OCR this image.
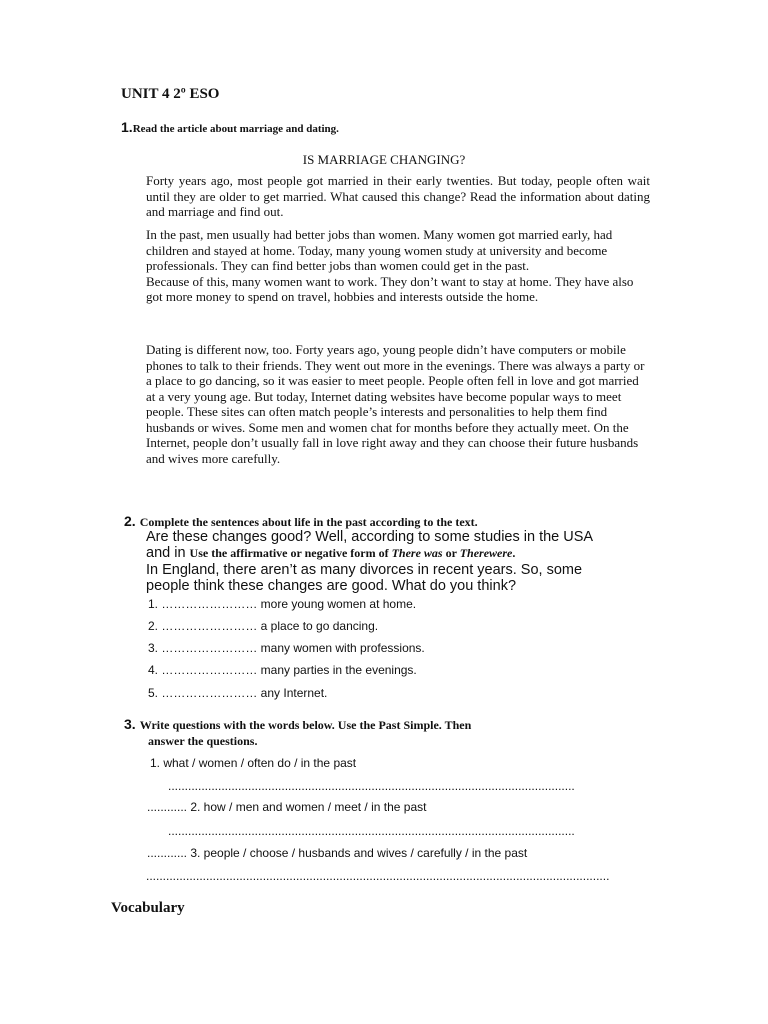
UNIT 4 2º ESO
1.Read the article about marriage and dating.
IS MARRIAGE CHANGING?

Forty years ago, most people got married in their early twenties. But today, people often wait until they are older to get married. What caused this change? Read the information about dating and marriage and find out.

In the past, men usually had better jobs than women. Many women got married early, had children and stayed at home. Today, many young women study at university and become professionals. They can find better jobs than women could get in the past.
Because of this, many women want to work. They don’t want to stay at home. They have also got more money to spend on travel, hobbies and interests outside the home.

Dating is different now, too. Forty years ago, young people didn’t have computers or mobile phones to talk to their friends. They went out more in the evenings. There was always a party or a place to go dancing, so it was easier to meet people. People often fell in love and got married at a very young age. But today, Internet dating websites have become popular ways to meet people. These sites can often match people’s interests and personalities to help them find husbands or wives. Some men and women chat for months before they actually meet. On the Internet, people don’t usually fall in love right away and they can choose their future husbands and wives more carefully.

2. Complete the sentences about life in the past according to the text.
Are these changes good? Well, according to some studies in the USA
and in Use the affirmative or negative form of There was or Therewere.
In England, there aren’t as many divorces in recent years. So, some
people think these changes are good. What do you think?
1. …………………… more young women at home.
2. …………………… a place to go dancing.
3. …………………… many women with professions.
4. …………………… many parties in the evenings.
5. …………………… any Internet.
3. Write questions with the words below. Use the Past Simple. Then
answer the questions.
1. what / women / often do / in the past
..........................................................................................................................
............ 2. how / men and women / meet / in the past
..........................................................................................................................
............ 3. people / choose / husbands and wives / carefully / in the past
...........................................................................................................................................
Vocabulary
